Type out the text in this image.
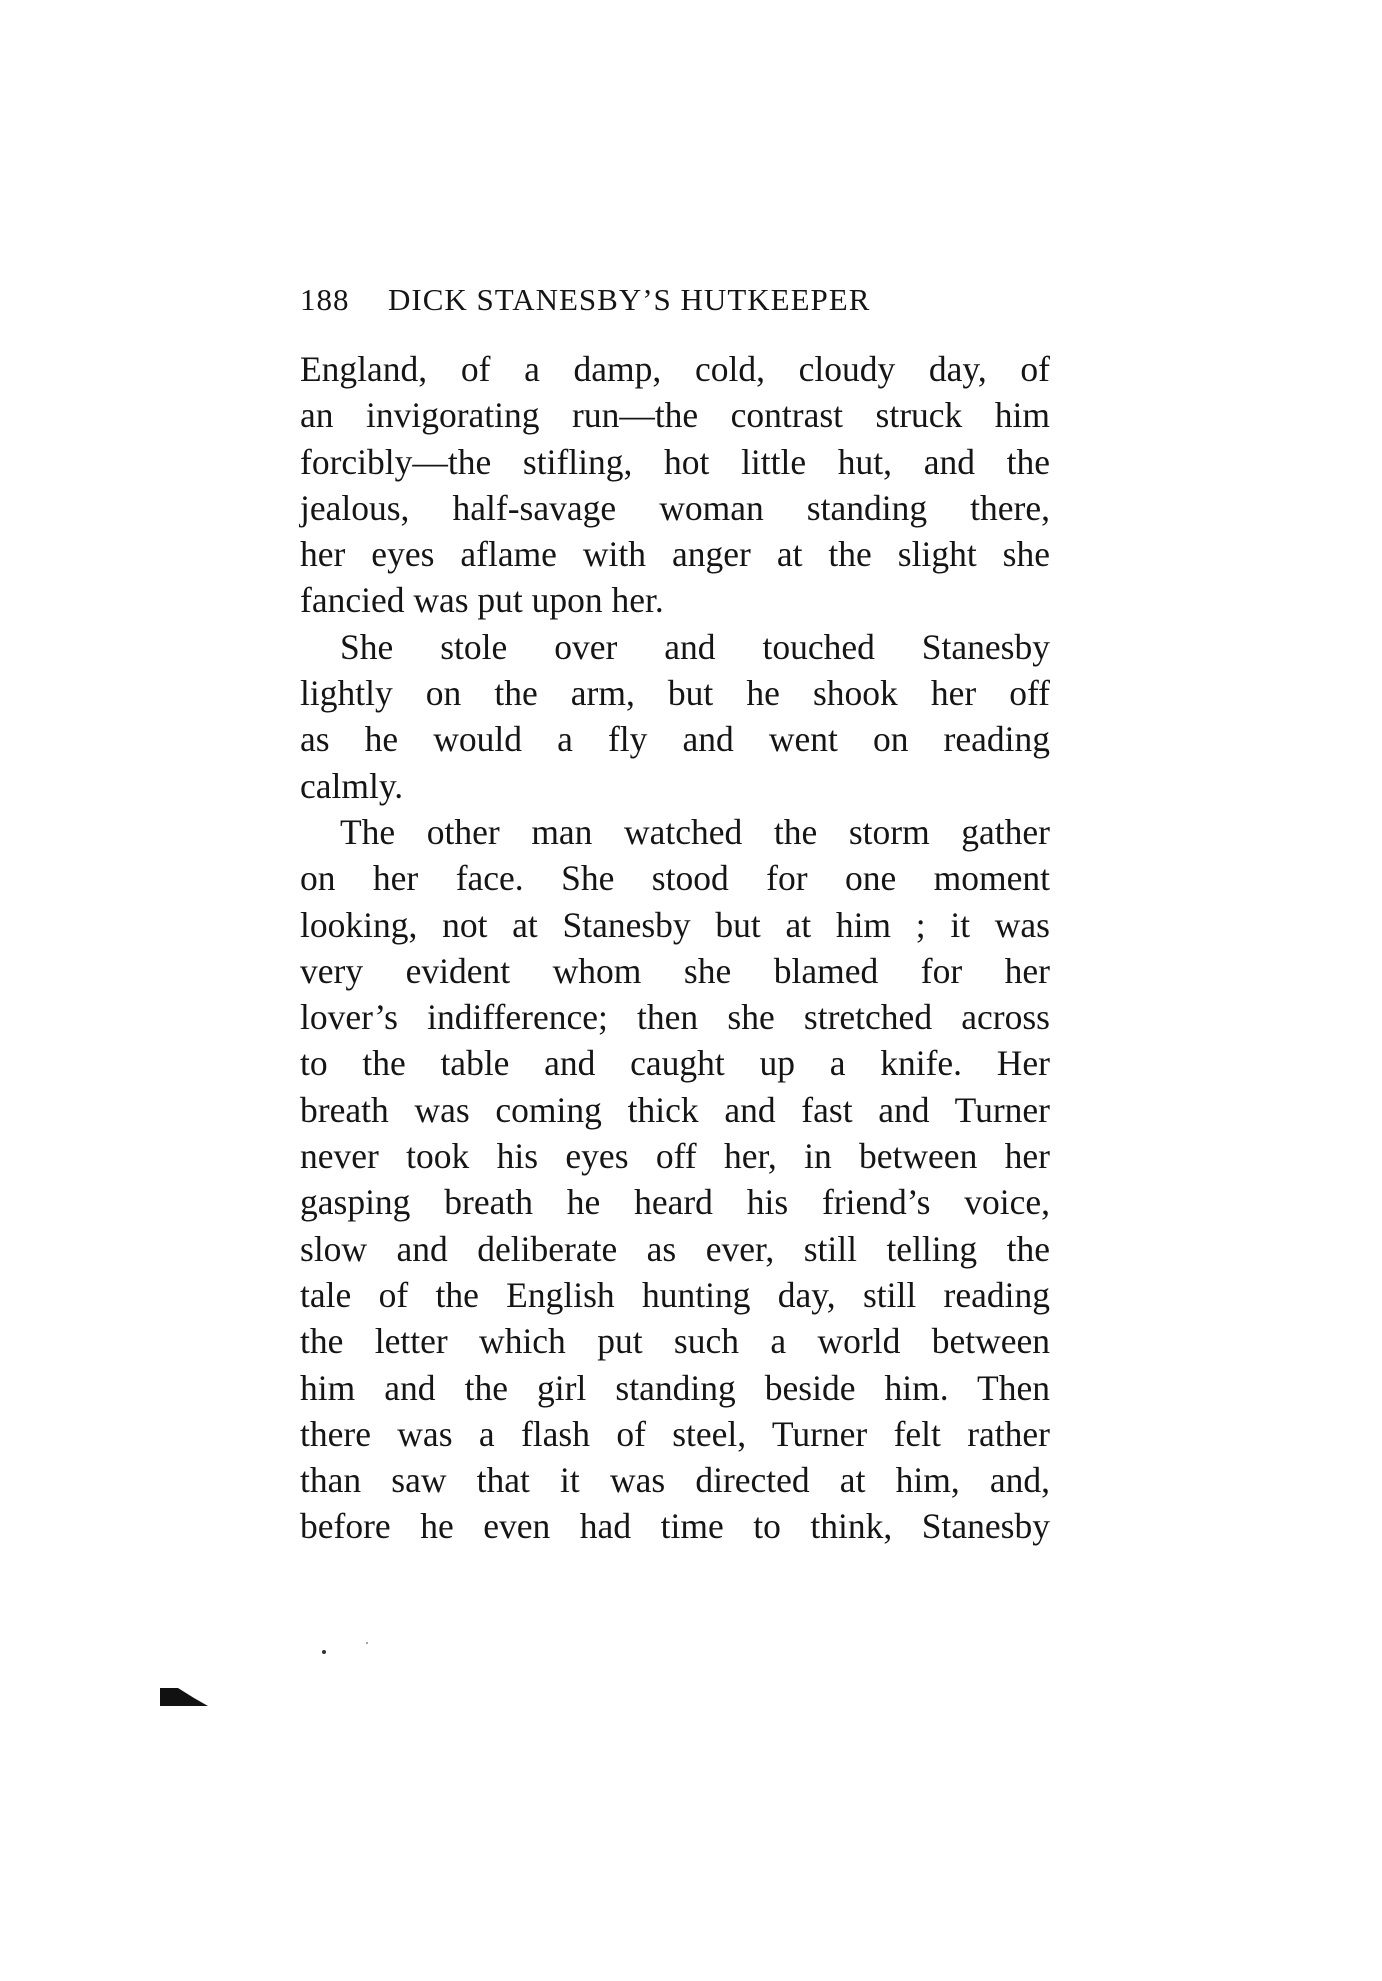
188 DICK STANESBY’S HUTKEEPER
England, of a damp, cold, cloudy day, of
an invigorating run—the contrast struck him
forcibly—the stifling, hot little hut, and the
jealous, half-savage woman standing there,
her eyes aflame with anger at the slight she
fancied was put upon her.
She stole over and touched Stanesby
lightly on the arm, but he shook her off
as he would a fly and went on reading
calmly.
The other man watched the storm gather
on her face. She stood for one moment
looking, not at Stanesby but at him ; it was
very evident whom she blamed for her
lover’s indifference; then she stretched across
to the table and caught up a knife. Her
breath was coming thick and fast and Turner
never took his eyes off her, in between her
gasping breath he heard his friend’s voice,
slow and deliberate as ever, still telling the
tale of the English hunting day, still reading
the letter which put such a world between
him and the girl standing beside him. Then
there was a flash of steel, Turner felt rather
than saw that it was directed at him, and,
before he even had time to think, Stanesby
